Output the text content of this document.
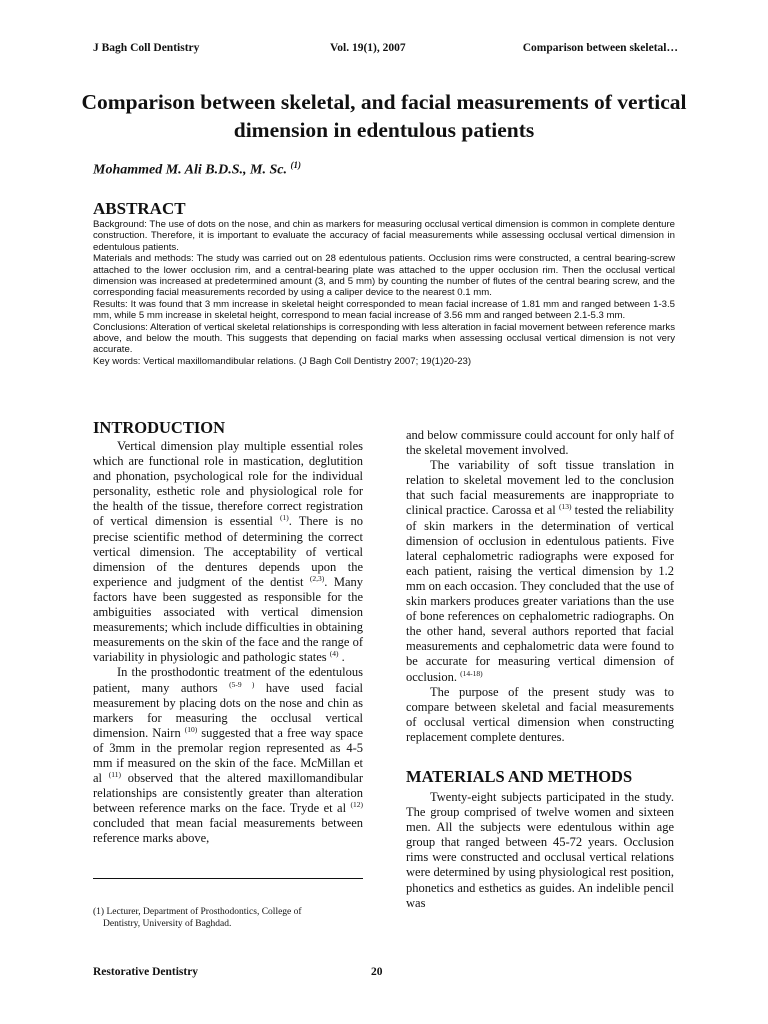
J Bagh Coll Dentistry	Vol. 19(1), 2007	Comparison between skeletal…
Comparison between skeletal, and facial measurements of vertical dimension in edentulous patients
Mohammed M. Ali B.D.S., M. Sc. $^{(1)}$
ABSTRACT

Background: The use of dots on the nose, and chin as markers for measuring occlusal vertical dimension is common in complete denture construction. Therefore, it is important to evaluate the accuracy of facial measurements while assessing occlusal vertical dimension in edentulous patients.

Materials and methods: The study was carried out on 28 edentulous patients. Occlusion rims were constructed, a central bearing-screw attached to the lower occlusion rim, and a central-bearing plate was attached to the upper occlusion rim. Then the occlusal vertical dimension was increased at predetermined amount (3, and 5 mm) by counting the number of flutes of the central bearing screw, and the corresponding facial measurements recorded by using a caliper device to the nearest 0.1 mm.

Results: It was found that 3 mm increase in skeletal height corresponded to mean facial increase of 1.81 mm and ranged between 1-3.5 mm, while 5 mm increase in skeletal height, correspond to mean facial increase of 3.56 mm and ranged between 2.1-5.3 mm.

Conclusions: Alteration of vertical skeletal relationships is corresponding with less alteration in facial movement between reference marks above, and below the mouth. This suggests that depending on facial marks when assessing occlusal vertical dimension is not very accurate.

Key words: Vertical maxillomandibular relations. (J Bagh Coll Dentistry 2007; 19(1)20-23)

INTRODUCTION

Vertical dimension play multiple essential roles which are functional role in mastication, deglutition and phonation, psychological role for the individual personality, esthetic role and physiological role for the health of the tissue, therefore correct registration of vertical dimension is essential $^{(1)}$. There is no precise scientific method of determining the correct vertical dimension. The acceptability of vertical dimension of the dentures depends upon the experience and judgment of the dentist $^{(2,3)}$. Many factors have been suggested as responsible for the ambiguities associated with vertical dimension measurements; which include difficulties in obtaining measurements on the skin of the face and the range of variability in physiologic and pathologic states $^{(4)}$ .

In the prosthodontic treatment of the edentulous patient, many authors $^{(5-9 )}$ have used facial measurement by placing dots on the nose and chin as markers for measuring the occlusal vertical dimension. Nairn $^{(10)}$ suggested that a free way space of 3mm in the premolar region represented as 4-5 mm if measured on the skin of the face. McMillan et al $^{(11)}$ observed that the altered maxillomandibular relationships are consistently greater than alteration between reference marks on the face. Tryde et al $^{(12)}$ concluded that mean facial measurements between reference marks above,

(1) Lecturer, Department of Prosthodontics, College of
Dentistry, University of Baghdad.

and below commissure could account for only half of the skeletal movement involved.

The variability of soft tissue translation in relation to skeletal movement led to the conclusion that such facial measurements are inappropriate to clinical practice. Carossa et al $^{(13)}$ tested the reliability of skin markers in the determination of vertical dimension of occlusion in edentulous patients. Five lateral cephalometric radiographs were exposed for each patient, raising the vertical dimension by 1.2 mm on each occasion. They concluded that the use of skin markers produces greater variations than the use of bone references on cephalometric radiographs. On the other hand, several authors reported that facial measurements and cephalometric data were found to be accurate for measuring vertical dimension of occlusion. $^{(14-18)}$

The purpose of the present study was to compare between skeletal and facial measurements of occlusal vertical dimension when constructing replacement complete dentures.

MATERIALS AND METHODS

Twenty-eight subjects participated in the study. The group comprised of twelve women and sixteen men. All the subjects were edentulous within age group that ranged between 45-72 years. Occlusion rims were constructed and occlusal vertical relations were determined by using physiological rest position, phonetics and esthetics as guides. An indelible pencil was

Restorative Dentistry	20
